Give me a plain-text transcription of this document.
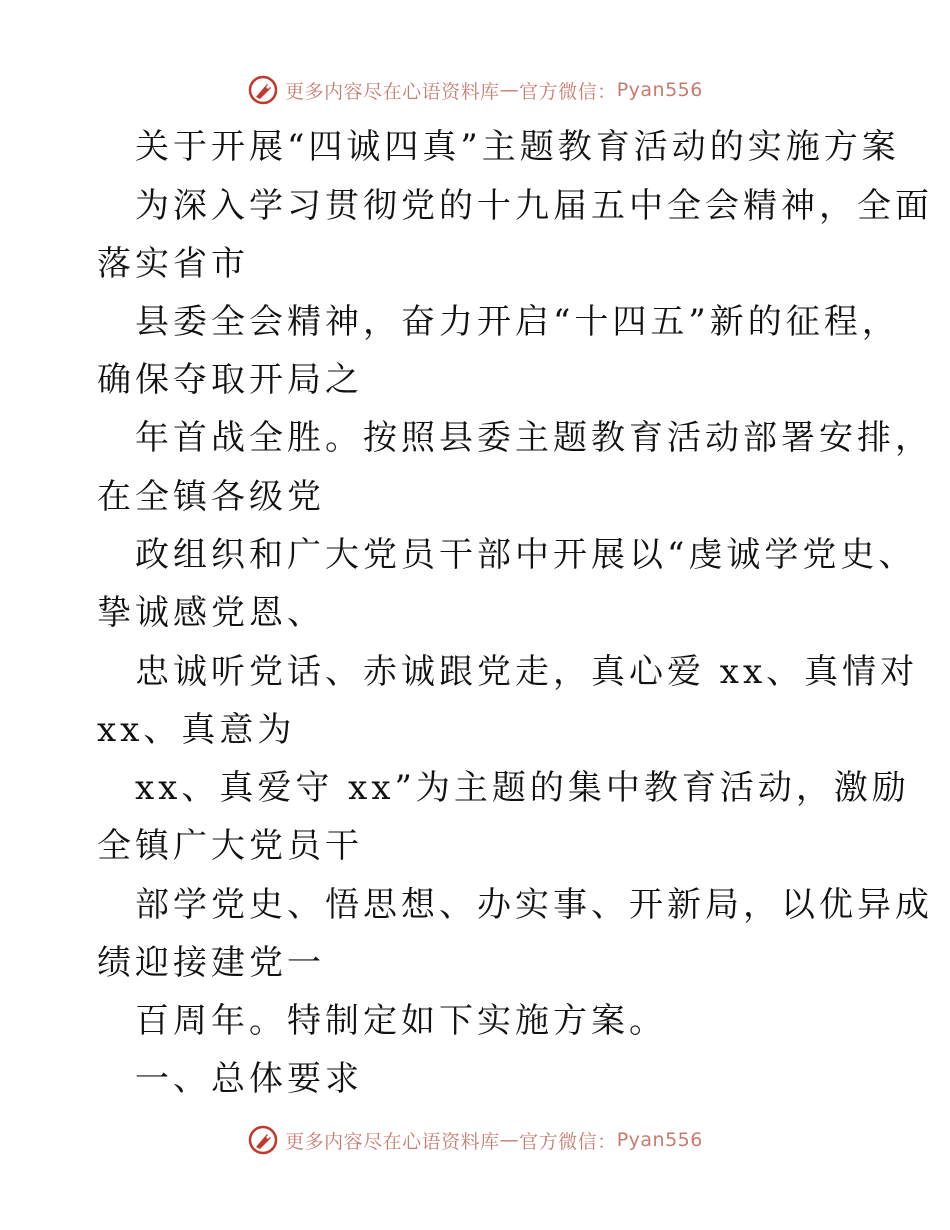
更多内容尽在心语资料库 — 官方微信： Pyan556
关于开展“四诚四真”主题教育活动的实施方案
为深入学习贯彻党的十九届五中全会精神，全面
落实省市
县委全会精神，奋力开启“十四五”新的征程，
确保夺取开局之
年首战全胜。按照县委主题教育活动部署安排，
在全镇各级党
政组织和广大党员干部中开展以“虔诚学党史、
挚诚感党恩、
忠诚听党话、赤诚跟党走，真心爱 xx、真情对
xx、真意为
xx、真爱守 xx”为主题的集中教育活动，激励
全镇广大党员干
部学党史、悟思想、办实事、开新局，以优异成
绩迎接建党一
百周年。特制定如下实施方案。
一、总体要求
更多内容尽在心语资料库 — 官方微信： Pyan556
